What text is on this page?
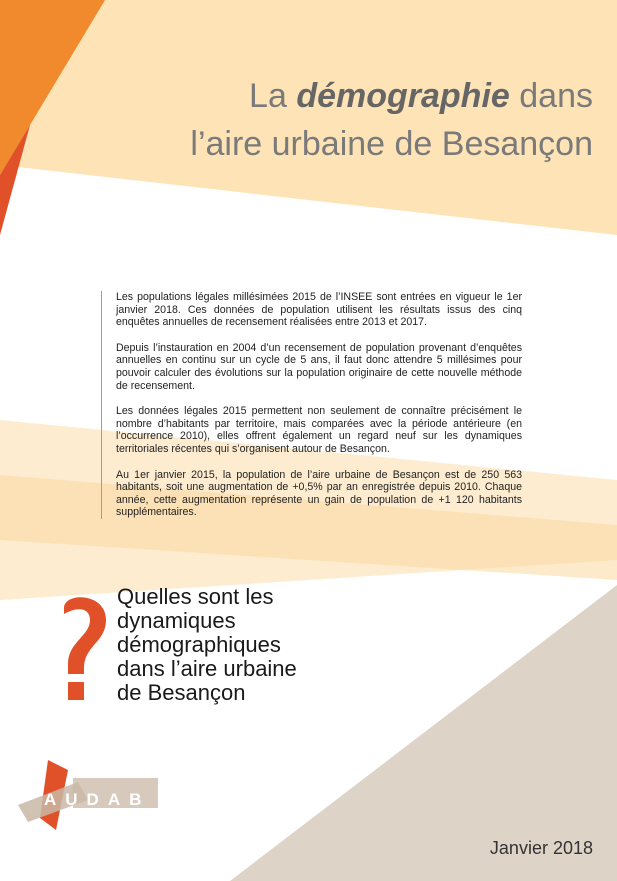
La démographie dans
l’aire urbaine de Besançon

Les populations légales millésimées 2015 de l’INSEE sont entrées en vigueur le 1er janvier 2018. Ces données de population utilisent les résultats issus des cinq enquêtes annuelles de recensement réalisées entre 2013 et 2017.

Depuis l’instauration en 2004 d’un recensement de population provenant d’enquêtes annuelles en continu sur un cycle de 5 ans, il faut donc attendre 5 millésimes pour pouvoir calculer des évolutions sur la population originaire de cette nouvelle méthode de recensement.

Les données légales 2015 permettent non seulement de connaître précisément le nombre d’habitants par territoire, mais comparées avec la période antérieure (en l’occurrence 2010), elles offrent également un regard neuf sur les dynamiques territoriales récentes qui s’organisent autour de Besançon.

Au 1er janvier 2015, la population de l’aire urbaine de Besançon est de 250 563 habitants, soit une augmentation de +0,5% par an enregistrée depuis 2010. Chaque année, cette augmentation représente un gain de population de +1 120 habitants supplémentaires.

Quelles sont les
dynamiques
démographiques
dans l’aire urbaine
de Besançon
AUDAB
Janvier 2018
